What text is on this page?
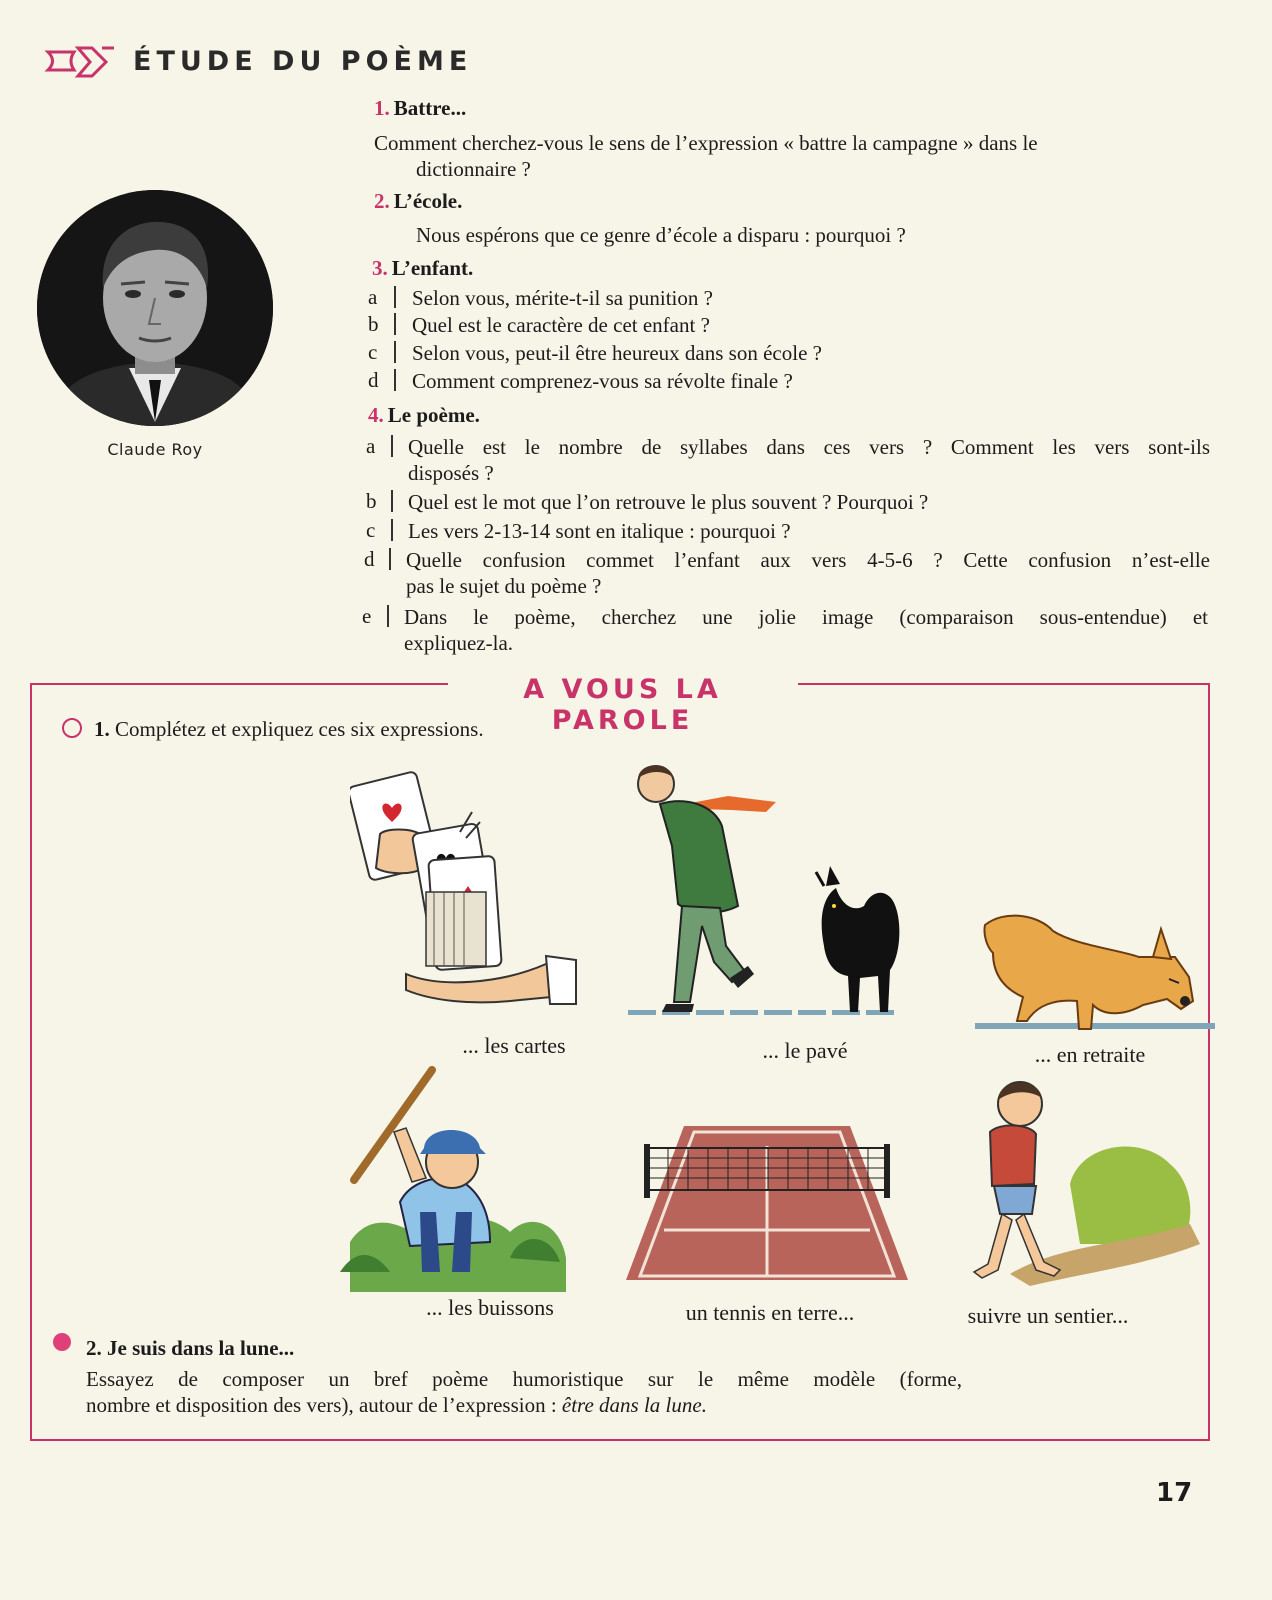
ÉTUDE DU POÈME
Claude Roy
1. Battre...
Comment cherchez-vous le sens de l’expression « battre la campagne » dans le
dictionnaire ?
2. L’école.
Nous espérons que ce genre d’école a disparu : pourquoi ?
3. L’enfant.
a Selon vous, mérite-t-il sa punition ?
b Quel est le caractère de cet enfant ?
c Selon vous, peut-il être heureux dans son école ?
d Comment comprenez-vous sa révolte finale ?
4. Le poème.
a Quelle est le nombre de syllabes dans ces vers ? Comment les vers sont-ils
disposés ?
b Quel est le mot que l’on retrouve le plus souvent ? Pourquoi ?
c Les vers 2-13-14 sont en italique : pourquoi ?
d Quelle confusion commet l’enfant aux vers 4-5-6 ? Cette confusion n’est-elle
pas le sujet du poème ?
e Dans le poème, cherchez une jolie image (comparaison sous-entendue) et
expliquez-la.
A VOUS LA PAROLE
1. Complétez et expliquez ces six expressions.
... les cartes	... le pavé	... en retraite
... les buissons	un tennis en terre...	suivre un sentier...
2. Je suis dans la lune...
Essayez de composer un bref poème humoristique sur le même modèle (forme,
nombre et disposition des vers), autour de l’expression : être dans la lune.
17
